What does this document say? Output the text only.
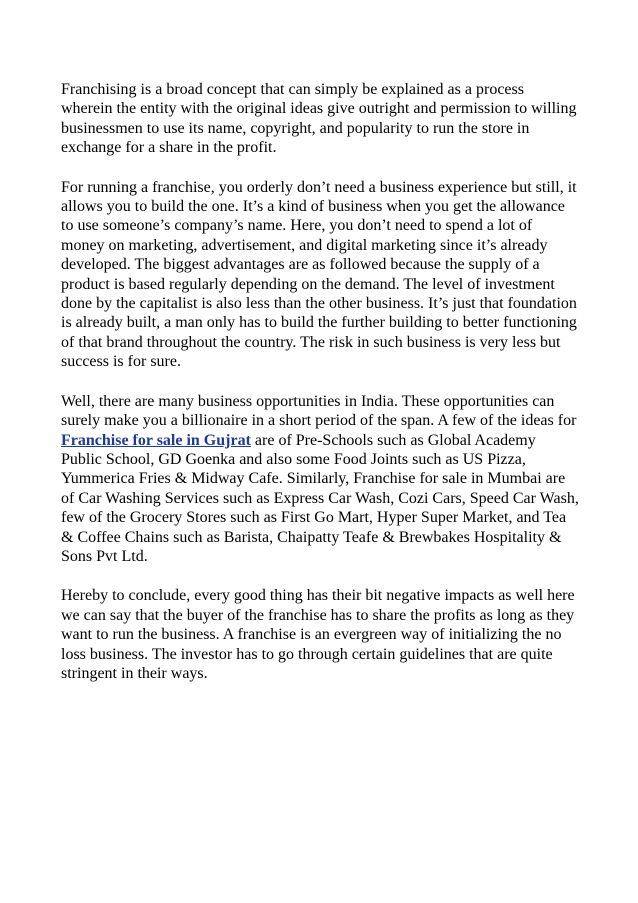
Franchising is a broad concept that can simply be explained as a process wherein the entity with the original ideas give outright and permission to willing businessmen to use its name, copyright, and popularity to run the store in exchange for a share in the profit.

For running a franchise, you orderly don’t need a business experience but still, it allows you to build the one. It’s a kind of business when you get the allowance to use someone’s company’s name. Here, you don’t need to spend a lot of money on marketing, advertisement, and digital marketing since it’s already developed. The biggest advantages are as followed because the supply of a product is based regularly depending on the demand. The level of investment done by the capitalist is also less than the other business. It’s just that foundation is already built, a man only has to build the further building to better functioning of that brand throughout the country. The risk in such business is very less but success is for sure.

Well, there are many business opportunities in India. These opportunities can surely make you a billionaire in a short period of the span. A few of the ideas for Franchise for sale in Gujrat are of Pre-Schools such as Global Academy Public School, GD Goenka and also some Food Joints such as US Pizza, Yummerica Fries & Midway Cafe. Similarly, Franchise for sale in Mumbai are of Car Washing Services such as Express Car Wash, Cozi Cars, Speed Car Wash, few of the Grocery Stores such as First Go Mart, Hyper Super Market, and Tea & Coffee Chains such as Barista, Chaipatty Teafe & Brewbakes Hospitality & Sons Pvt Ltd.

Hereby to conclude, every good thing has their bit negative impacts as well here we can say that the buyer of the franchise has to share the profits as long as they want to run the business. A franchise is an evergreen way of initializing the no loss business. The investor has to go through certain guidelines that are quite stringent in their ways.
